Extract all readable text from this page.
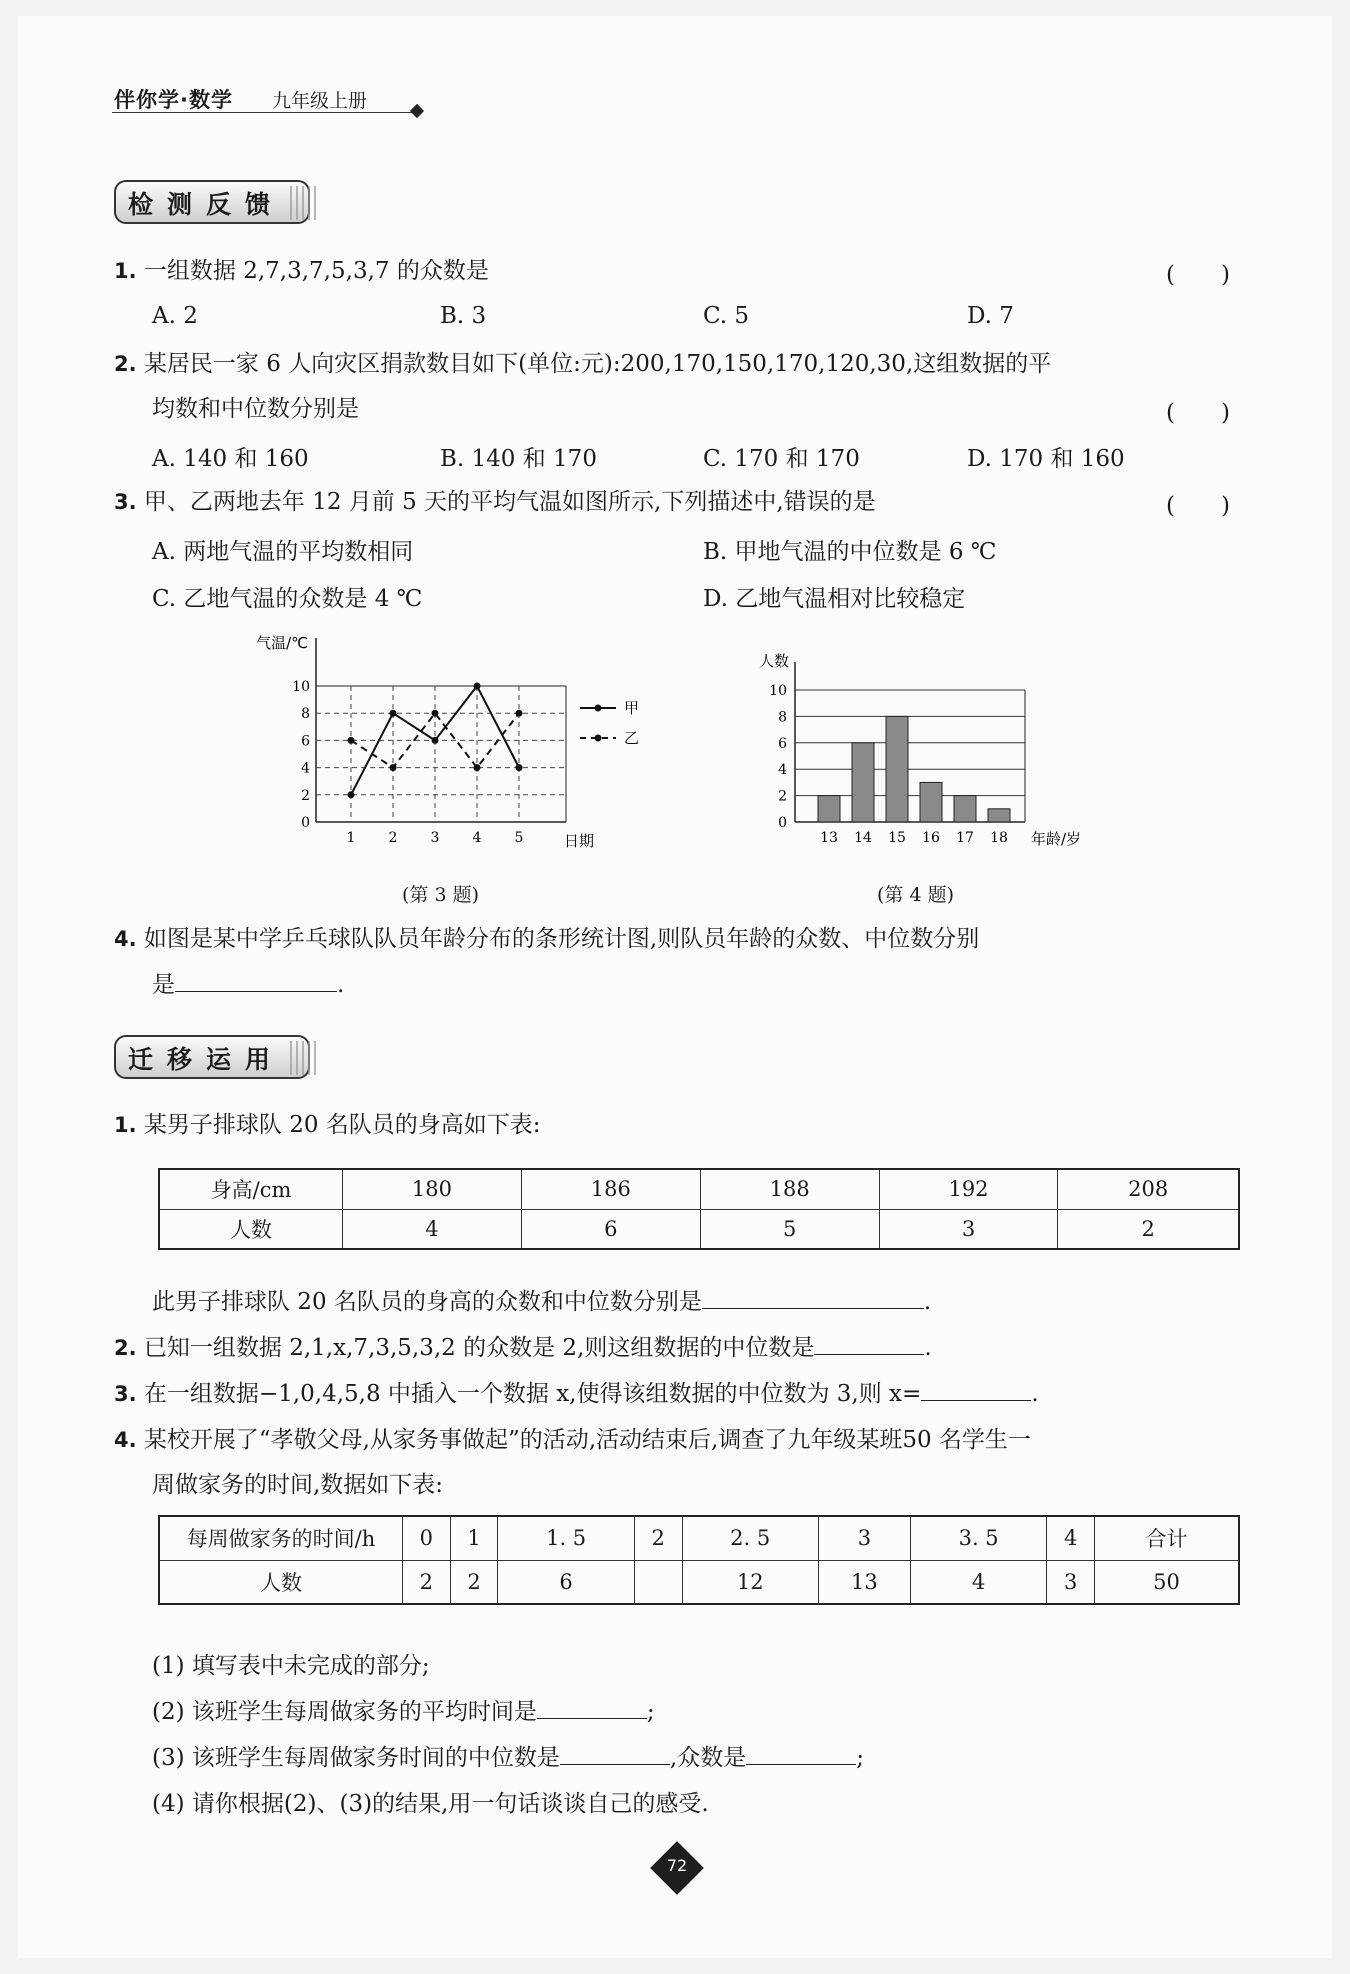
伴你学·数学 九年级上册
检测反馈
1. 一组数据 2,7,3,7,5,3,7 的众数是	(　　)
A. 2	B. 3	C. 5	D. 7
2. 某居民一家 6 人向灾区捐款数目如下(单位:元):200,170,150,170,120,30,这组数据的平
均数和中位数分别是	(　　)
A. 140 和 160	B. 140 和 170	C. 170 和 170	D. 170 和 160
3. 甲、乙两地去年 12 月前 5 天的平均气温如图所示,下列描述中,错误的是	(　　)
A. 两地气温的平均数相同	B. 甲地气温的中位数是 6 ℃
C. 乙地气温的众数是 4 ℃	D. 乙地气温相对比较稳定
0
2
4
6
8
10
1 2 3 4 5
气温/℃
日期
甲
乙
(第 3 题)
0
2
4
6
8
10
13 14 15 16 17 18
人数
年龄/岁
(第 4 题)
4. 如图是某中学乒乓球队队员年龄分布的条形统计图,则队员年龄的众数、中位数分别
是	.
迁移运用
1. 某男子排球队 20 名队员的身高如下表:
身高/cm	180	186	188	192	208
人数	4	6	5	3	2
此男子排球队 20 名队员的身高的众数和中位数分别是	.
2. 已知一组数据 2,1,x,7,3,5,3,2 的众数是 2,则这组数据的中位数是	.
3. 在一组数据−1,0,4,5,8 中插入一个数据 x,使得该组数据的中位数为 3,则 x=	.
4. 某校开展了“孝敬父母,从家务事做起”的活动,活动结束后,调查了九年级某班50 名学生一
周做家务的时间,数据如下表:
每周做家务的时间/h	0	1	1. 5	2	2. 5	3	3. 5	4	合计
人数	2	2	6		12	13	4	3	50
(1) 填写表中未完成的部分;
(2) 该班学生每周做家务的平均时间是	;
(3) 该班学生每周做家务时间的中位数是	,众数是	;
(4) 请你根据(2)、(3)的结果,用一句话谈谈自己的感受.
72
